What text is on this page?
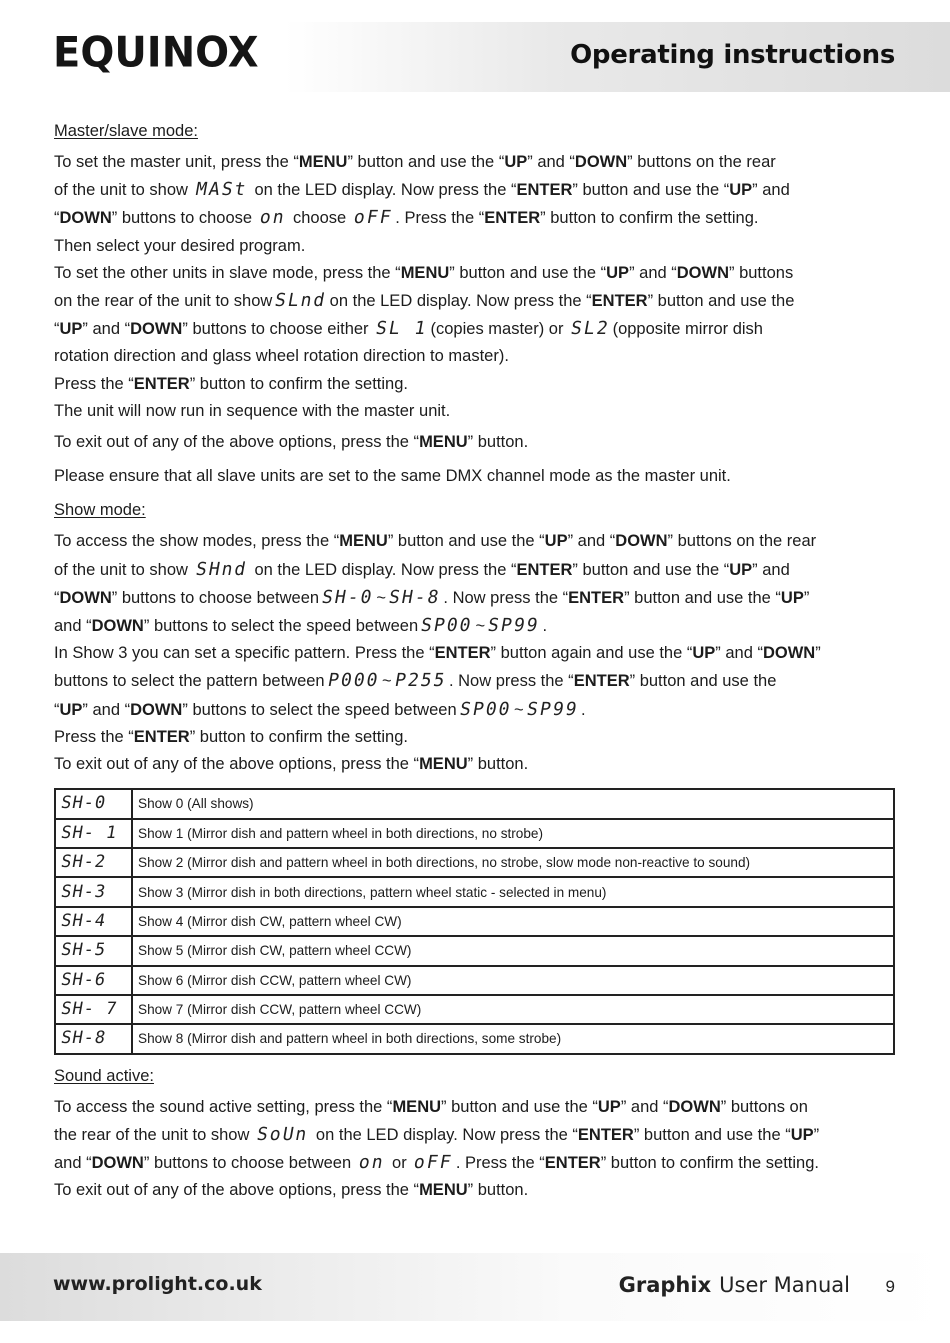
EQUINOX	Operating instructions
Master/slave mode:
To set the master unit, press the “MENU” button and use the “UP” and “DOWN” buttons on the rear
of the unit to show MASt on the LED display. Now press the “ENTER” button and use the “UP” and
“DOWN” buttons to choose on choose oFF. Press the “ENTER” button to confirm the setting.
Then select your desired program.
To set the other units in slave mode, press the “MENU” button and use the “UP” and “DOWN” buttons
on the rear of the unit to showSLndon the LED display. Now press the “ENTER” button and use the
“UP” and “DOWN” buttons to choose either SL 1(copies master) or SL2(opposite mirror dish
rotation direction and glass wheel rotation direction to master).
Press the “ENTER” button to confirm the setting.
The unit will now run in sequence with the master unit.
To exit out of any of the above options, press the “MENU” button.
Please ensure that all slave units are set to the same DMX channel mode as the master unit.
Show mode:
To access the show modes, press the “MENU” button and use the “UP” and “DOWN” buttons on the rear
of the unit to show SHnd on the LED display. Now press the “ENTER” button and use the “UP” and
“DOWN” buttons to choose betweenSH-0~SH-8. Now press the “ENTER” button and use the “UP”
and “DOWN” buttons to select the speed betweenSP00~SP99.
In Show 3 you can set a specific pattern. Press the “ENTER” button again and use the “UP” and “DOWN”
buttons to select the pattern betweenP000~P255. Now press the “ENTER” button and use the
“UP” and “DOWN” buttons to select the speed betweenSP00~SP99.
Press the “ENTER” button to confirm the setting.
To exit out of any of the above options, press the “MENU” button.
SH-0	Show 0 (All shows)
SH- 1	Show 1 (Mirror dish and pattern wheel in both directions, no strobe)
SH-2	Show 2 (Mirror dish and pattern wheel in both directions, no strobe, slow mode non-reactive to sound)
SH-3	Show 3 (Mirror dish in both directions, pattern wheel static - selected in menu)
SH-4	Show 4 (Mirror dish CW, pattern wheel CW)
SH-5	Show 5 (Mirror dish CW, pattern wheel CCW)
SH-6	Show 6 (Mirror dish CCW, pattern wheel CW)
SH- 7	Show 7 (Mirror dish CCW, pattern wheel CCW)
SH-8	Show 8 (Mirror dish and pattern wheel in both directions, some strobe)
Sound active:
To access the sound active setting, press the “MENU” button and use the “UP” and “DOWN” buttons on
the rear of the unit to show SoUn on the LED display. Now press the “ENTER” button and use the “UP”
and “DOWN” buttons to choose between on or oFF. Press the “ENTER” button to confirm the setting.
To exit out of any of the above options, press the “MENU” button.
www.prolight.co.uk	Graphix User Manual 9
